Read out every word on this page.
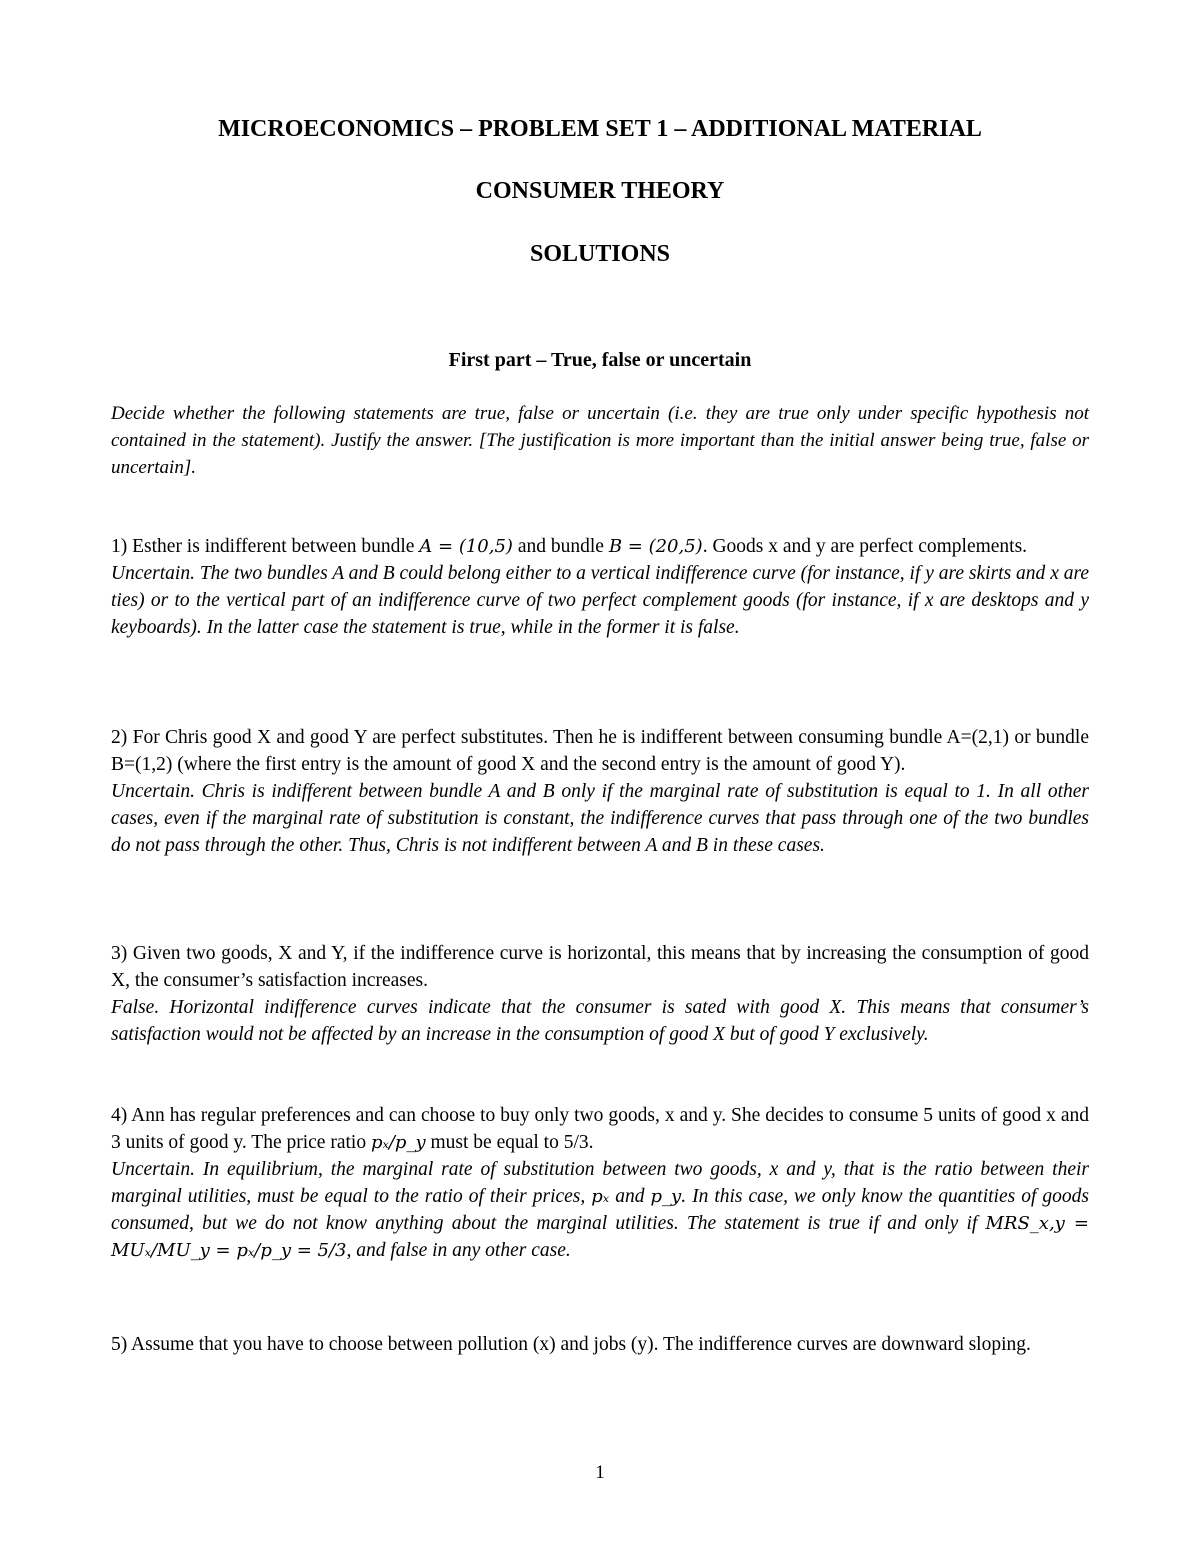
MICROECONOMICS – PROBLEM SET 1 – ADDITIONAL MATERIAL
CONSUMER THEORY
SOLUTIONS
First part – True, false or uncertain
Decide whether the following statements are true, false or uncertain (i.e. they are true only under specific hypothesis not contained in the statement). Justify the answer. [The justification is more important than the initial answer being true, false or uncertain].

1) Esther is indifferent between bundle A = (10,5) and bundle B = (20,5). Goods x and y are perfect complements.

Uncertain. The two bundles A and B could belong either to a vertical indifference curve (for instance, if y are skirts and x are ties) or to the vertical part of an indifference curve of two perfect complement goods (for instance, if x are desktops and y keyboards). In the latter case the statement is true, while in the former it is false.

2) For Chris good X and good Y are perfect substitutes. Then he is indifferent between consuming bundle A=(2,1) or bundle B=(1,2) (where the first entry is the amount of good X and the second entry is the amount of good Y).

Uncertain. Chris is indifferent between bundle A and B only if the marginal rate of substitution is equal to 1. In all other cases, even if the marginal rate of substitution is constant, the indifference curves that pass through one of the two bundles do not pass through the other. Thus, Chris is not indifferent between A and B in these cases.

3) Given two goods, X and Y, if the indifference curve is horizontal, this means that by increasing the consumption of good X, the consumer’s satisfaction increases.

False. Horizontal indifference curves indicate that the consumer is sated with good X. This means that consumer’s satisfaction would not be affected by an increase in the consumption of good X but of good Y exclusively.

4) Ann has regular preferences and can choose to buy only two goods, x and y. She decides to consume 5 units of good x and 3 units of good y. The price ratio pₓ/p_y must be equal to 5/3.

Uncertain. In equilibrium, the marginal rate of substitution between two goods, x and y, that is the ratio between their marginal utilities, must be equal to the ratio of their prices, pₓ and p_y. In this case, we only know the quantities of goods consumed, but we do not know anything about the marginal utilities. The statement is true if and only if MRS_x,y = MUₓ/MU_y = pₓ/p_y = 5/3, and false in any other case.

5) Assume that you have to choose between pollution (x) and jobs (y). The indifference curves are downward sloping.

1
